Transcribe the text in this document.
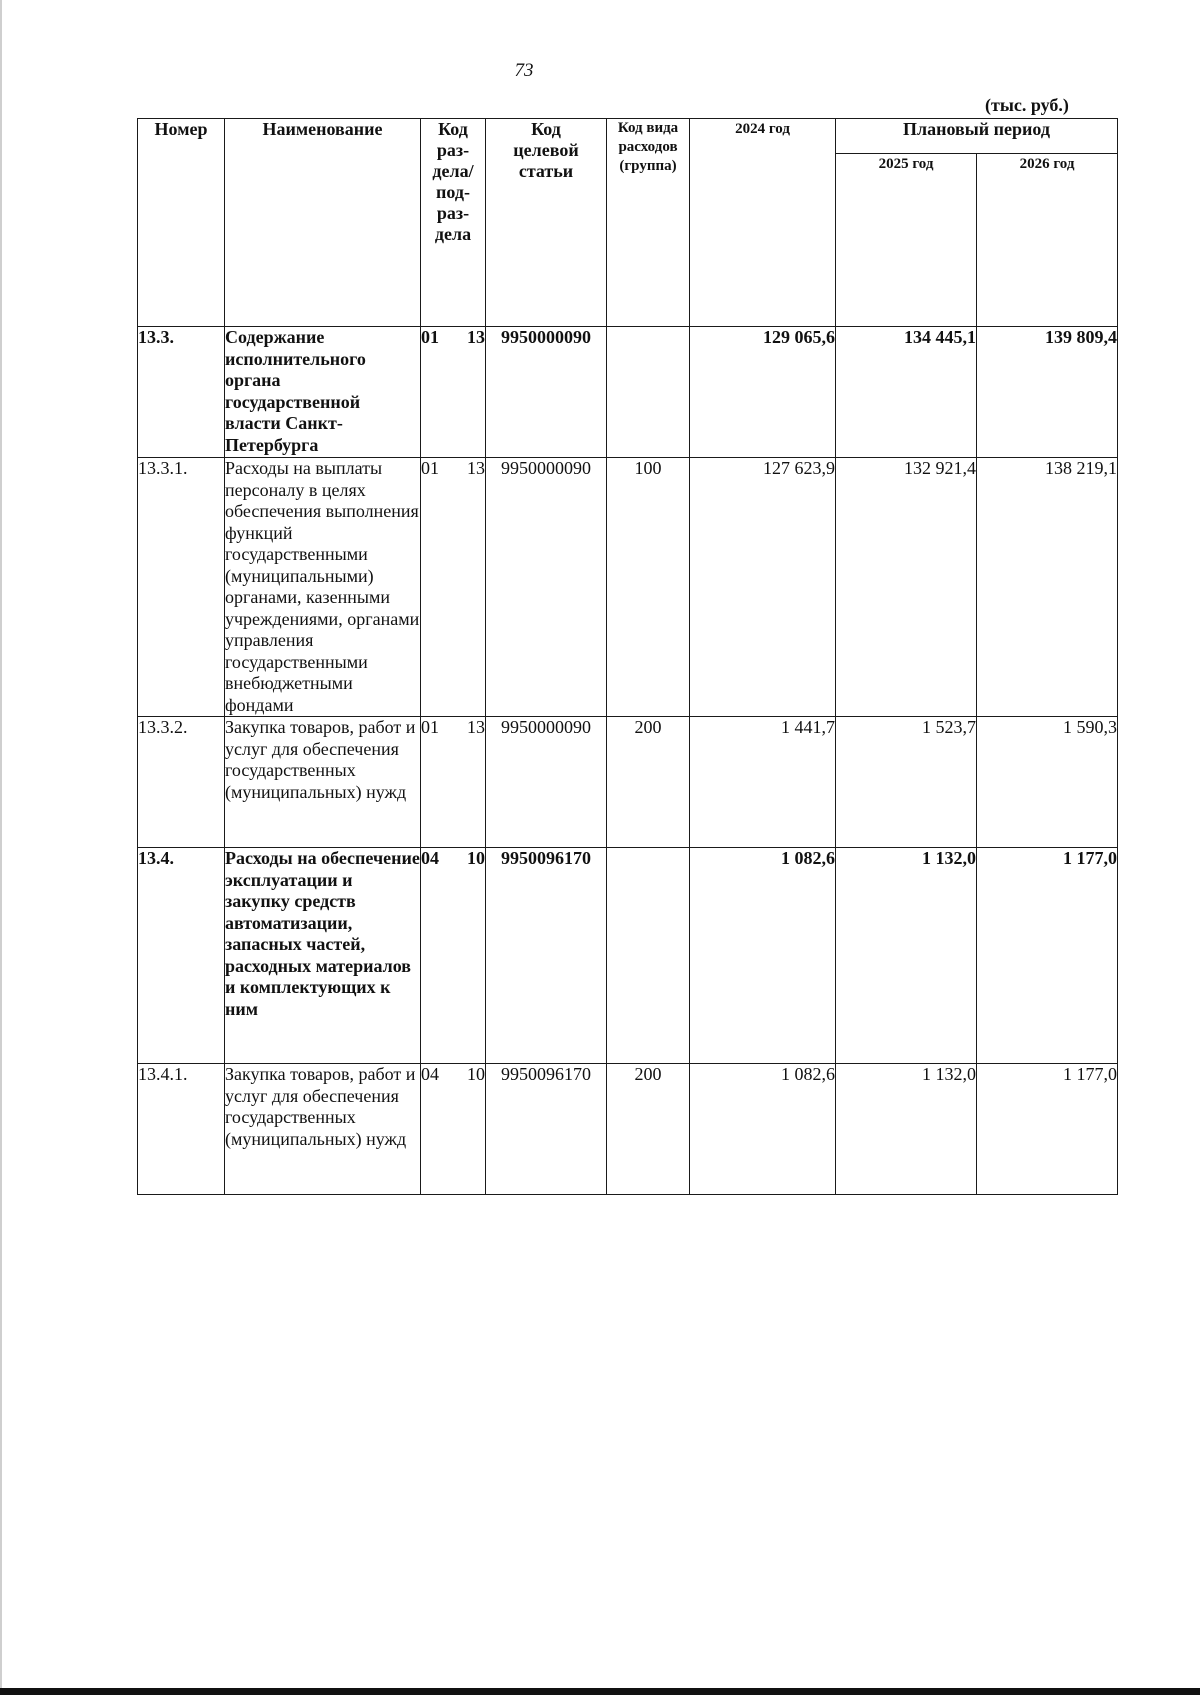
73
(тыс. руб.)
Номер	Наименование	Код раз-дела/ под-раз-дела	Код целевой статьи	Код вида расходов (группа)	2024 год	Плановый период	
						2025 год	2026 год
13.3.	Содержание исполнительного органа государственной власти Санкт-Петербурга	01 13	9950000090		129 065,6	134 445,1	139 809,4
13.3.1.	Расходы на выплаты персоналу в целях обеспечения выполнения функций государственными (муниципальными) органами, казенными учреждениями, органами управления государственными внебюджетными фондами	01 13	9950000090	100	127 623,9	132 921,4	138 219,1
13.3.2.	Закупка товаров, работ и услуг для обеспечения государственных (муниципальных) нужд	01 13	9950000090	200	1 441,7	1 523,7	1 590,3
13.4.	Расходы на обеспечение эксплуатации и закупку средств автоматизации, запасных частей, расходных материалов и комплектующих к ним	04 10	9950096170		1 082,6	1 132,0	1 177,0
13.4.1.	Закупка товаров, работ и услуг для обеспечения государственных (муниципальных) нужд	04 10	9950096170	200	1 082,6	1 132,0	1 177,0
